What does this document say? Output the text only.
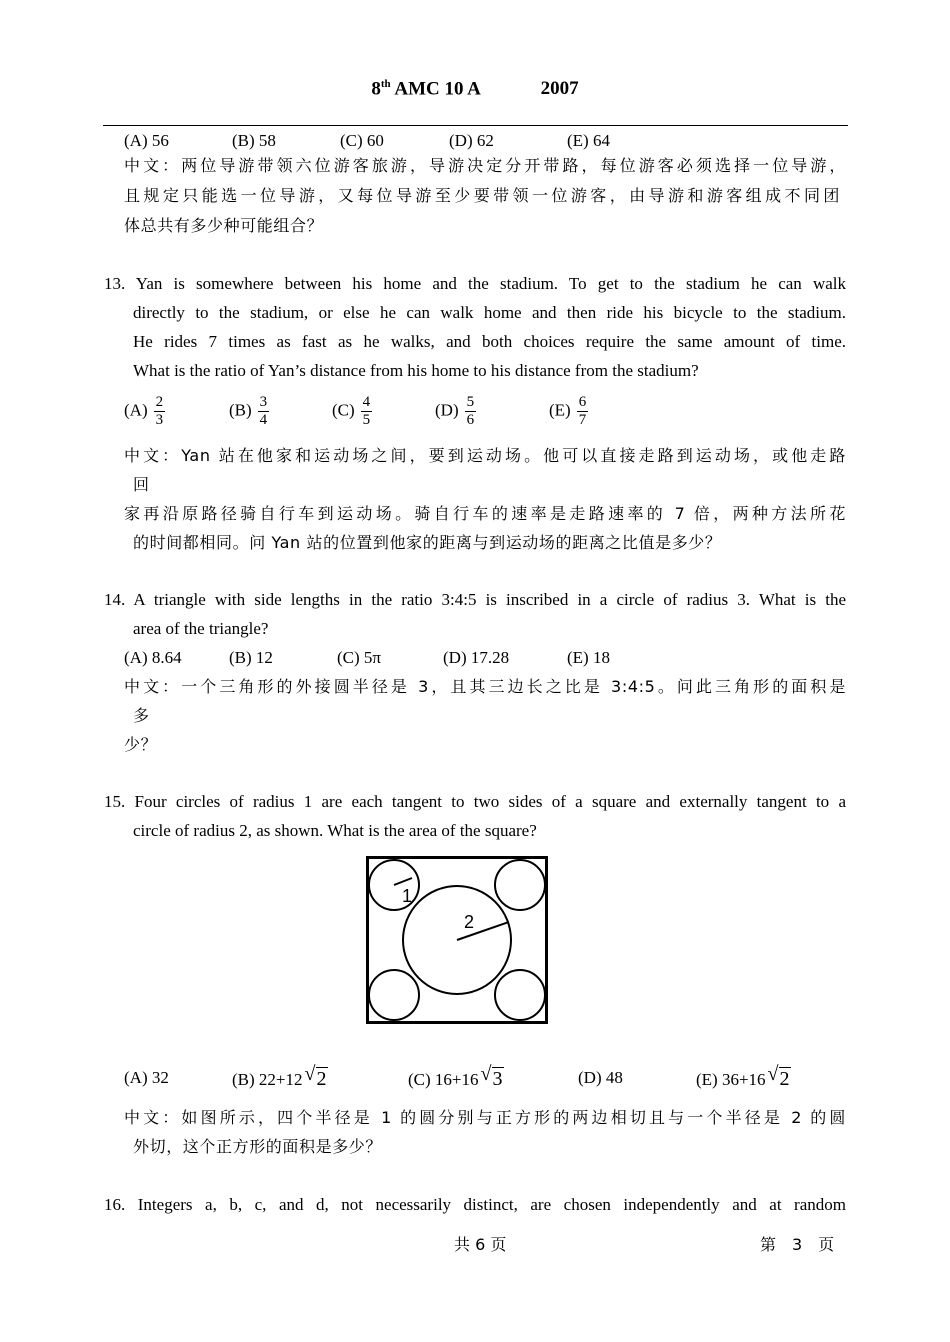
8th AMC 10 A	2007
(A) 56	(B) 58	(C) 60	(D) 62	(E) 64
中文：两位导游带领六位游客旅游，导游决定分开带路，每位游客必须选择一位导游，
且规定只能选一位导游，又每位导游至少要带领一位游客，由导游和游客组成不同团
体总共有多少种可能组合？
13. Yan is somewhere between his home and the stadium. To get to the stadium he can walk
directly to the stadium, or else he can walk home and then ride his bicycle to the stadium.
He rides 7 times as fast as he walks, and both choices require the same amount of time.
What is the ratio of Yan’s distance from his home to his distance from the stadium?
$(A) \frac{2}{3}$	$(B) \frac{3}{4}$	$(C) \frac{4}{5}$	$(D) \frac{5}{6}$	$(E) \frac{6}{7}$
中文：Yan 站在他家和运动场之间，要到运动场。他可以直接走路到运动场，或他走路
回
家再沿原路径骑自行车到运动场。骑自行车的速率是走路速率的 7 倍，两种方法所花
的时间都相同。问 Yan 站的位置到他家的距离与到运动场的距离之比值是多少？
14. A triangle with side lengths in the ratio 3:4:5 is inscribed in a circle of radius 3. What is the
area of the triangle?
(A) 8.64	(B) 12	(C) 5π	(D) 17.28	(E) 18
中文：一个三角形的外接圆半径是 3，且其三边长之比是 3:4:5。问此三角形的面积是
多
少？
15. Four circles of radius 1 are each tangent to two sides of a square and externally tangent to a
circle of radius 2, as shown. What is the area of the square?
1
2
(A) 32	(B) 22+12 √ 2	(C) 16+16 √ 3	(D) 48	(E) 36+16 √ 2
中文：如图所示，四个半径是 1 的圆分别与正方形的两边相切且与一个半径是 2 的圆
外切，这个正方形的面积是多少？
16. Integers a, b, c, and d, not necessarily distinct, are chosen independently and at random
共 6 页	第　3　页
